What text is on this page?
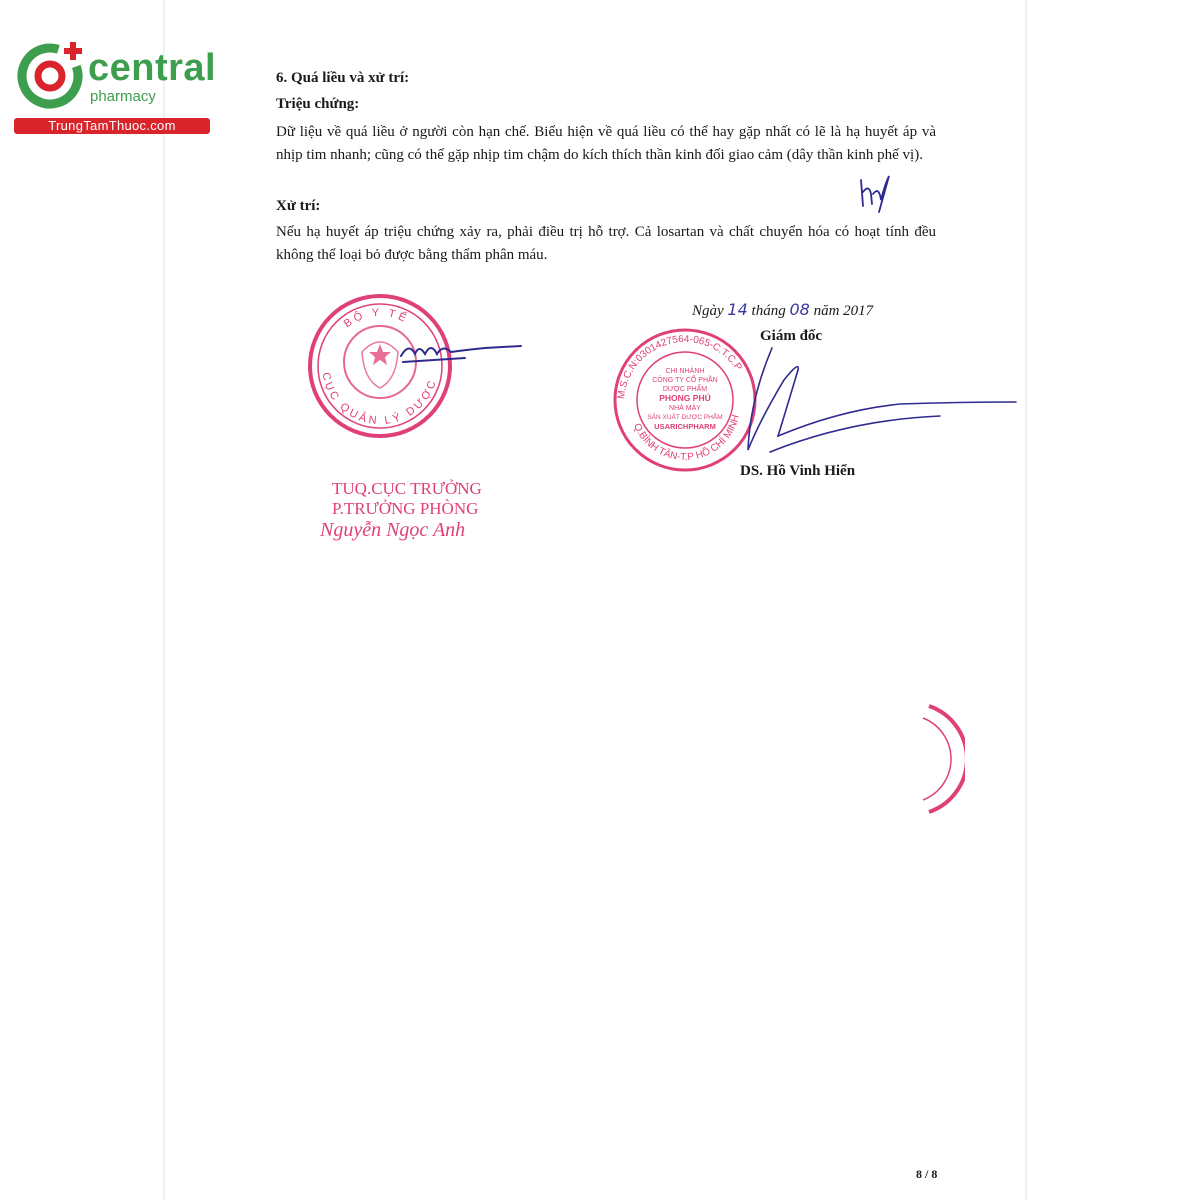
central
pharmacy
TrungTamThuoc.com
6. Quá liều và xử trí:
Triệu chứng:
Dữ liệu về quá liều ở người còn hạn chế. Biểu hiện về quá liều có thể hay gặp nhất có lẽ là hạ huyết áp và nhịp tim nhanh; cũng có thể gặp nhịp tim chậm do kích thích thần kinh đối giao cảm (dây thần kinh phế vị).
Xử trí:
Nếu hạ huyết áp triệu chứng xảy ra, phải điều trị hỗ trợ. Cả losartan và chất chuyển hóa có hoạt tính đều không thể loại bỏ được bằng thẩm phân máu.
Ngày 14 tháng 08 năm 2017
Giám đốc
BỘ Y TẾ
CỤC QUẢN LÝ DƯỢC
TUQ.CỤC TRƯỞNG
P.TRƯỞNG PHÒNG
Nguyễn Ngọc Anh
M.S.C.N:0301427564-065-C.T.C.P
Q.BÌNH TÂN-T.P HỒ CHÍ MINH
CHI NHÁNH
CÔNG TY CỔ PHẦN
DƯỢC PHẨM
PHONG PHÚ
NHÀ MÁY
SẢN XUẤT DƯỢC PHẨM
USARICHPHARM
DS. Hồ Vinh Hiển
8 / 8
